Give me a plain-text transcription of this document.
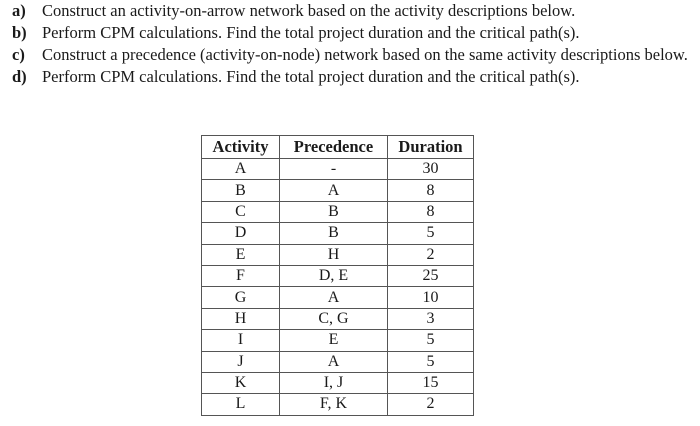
a) Construct an activity-on-arrow network based on the activity descriptions below.
b) Perform CPM calculations. Find the total project duration and the critical path(s).
c)	Construct a precedence (activity-on-node) network based on the same activity descriptions below.
d) Perform CPM calculations. Find the total project duration and the critical path(s).
Activity	Precedence	Duration
A	-	30
B	A	8
C	B	8
D	B	5
E	H	2
F	D, E	25
G	A	10
H	C, G	3
I	E	5
J	A	5
K	I, J	15
L	F, K	2
